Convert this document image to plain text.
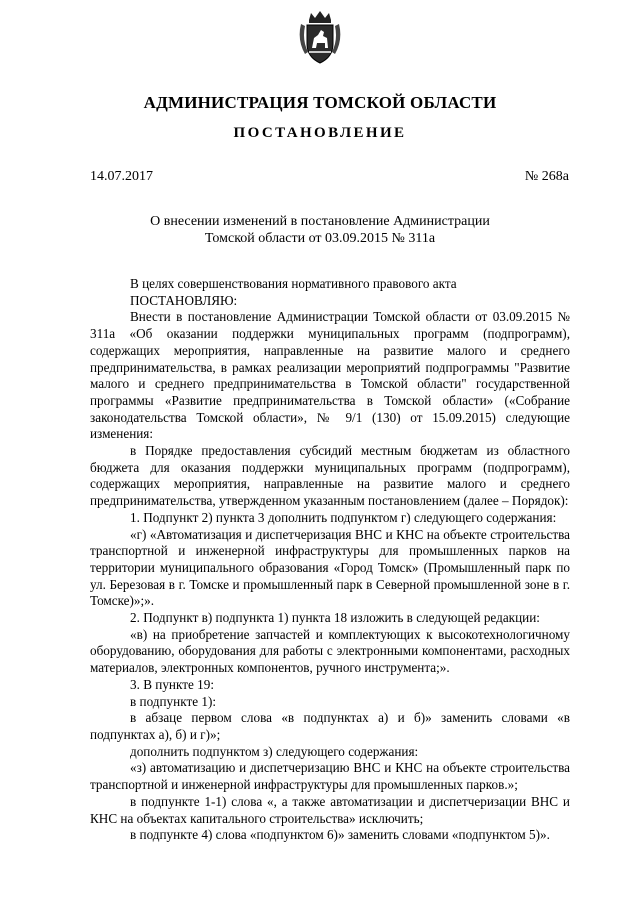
АДМИНИСТРАЦИЯ ТОМСКОЙ ОБЛАСТИ
ПОСТАНОВЛЕНИЕ
14.07.2017	№ 268а
О внесении изменений в постановление Администрации
Томской области от 03.09.2015 № 311а

В целях совершенствования нормативного правового акта

ПОСТАНОВЛЯЮ:

Внести в постановление Администрации Томской области от 03.09.2015 № 311а «Об оказании поддержки муниципальных программ (подпрограмм), содержащих мероприятия, направленные на развитие малого и среднего предпринимательства, в рамках реализации мероприятий подпрограммы "Развитие малого и среднего предпринимательства в Томской области" государственной программы «Развитие предпринимательства в Томской области» («Собрание законодательства Томской области», № 9/1 (130) от 15.09.2015) следующие изменения:

в Порядке предоставления субсидий местным бюджетам из областного бюджета для оказания поддержки муниципальных программ (подпрограмм), содержащих мероприятия, направленные на развитие малого и среднего предпринимательства, утвержденном указанным постановлением (далее – Порядок):

1. Подпункт 2) пункта 3 дополнить подпунктом г) следующего содержания:

«г) «Автоматизация и диспетчеризация ВНС и КНС на объекте строительства транспортной и инженерной инфраструктуры для промышленных парков на территории муниципального образования «Город Томск» (Промышленный парк по ул. Березовая в г. Томске и промышленный парк в Северной промышленной зоне в г. Томске)»;».

2. Подпункт в) подпункта 1) пункта 18 изложить в следующей редакции:

«в) на приобретение запчастей и комплектующих к высокотехнологичному оборудованию, оборудования для работы с электронными компонентами, расходных материалов, электронных компонентов, ручного инструмента;».

3. В пункте 19:

в подпункте 1):

в абзаце первом слова «в подпунктах а) и б)» заменить словами «в подпунктах а), б) и г)»;

дополнить подпунктом з) следующего содержания:

«з) автоматизацию и диспетчеризацию ВНС и КНС на объекте строительства транспортной и инженерной инфраструктуры для промышленных парков.»;

в подпункте 1-1) слова «, а также автоматизации и диспетчеризации ВНС и КНС на объектах капитального строительства» исключить;

в подпункте 4) слова «подпунктом 6)» заменить словами «подпунктом 5)».
